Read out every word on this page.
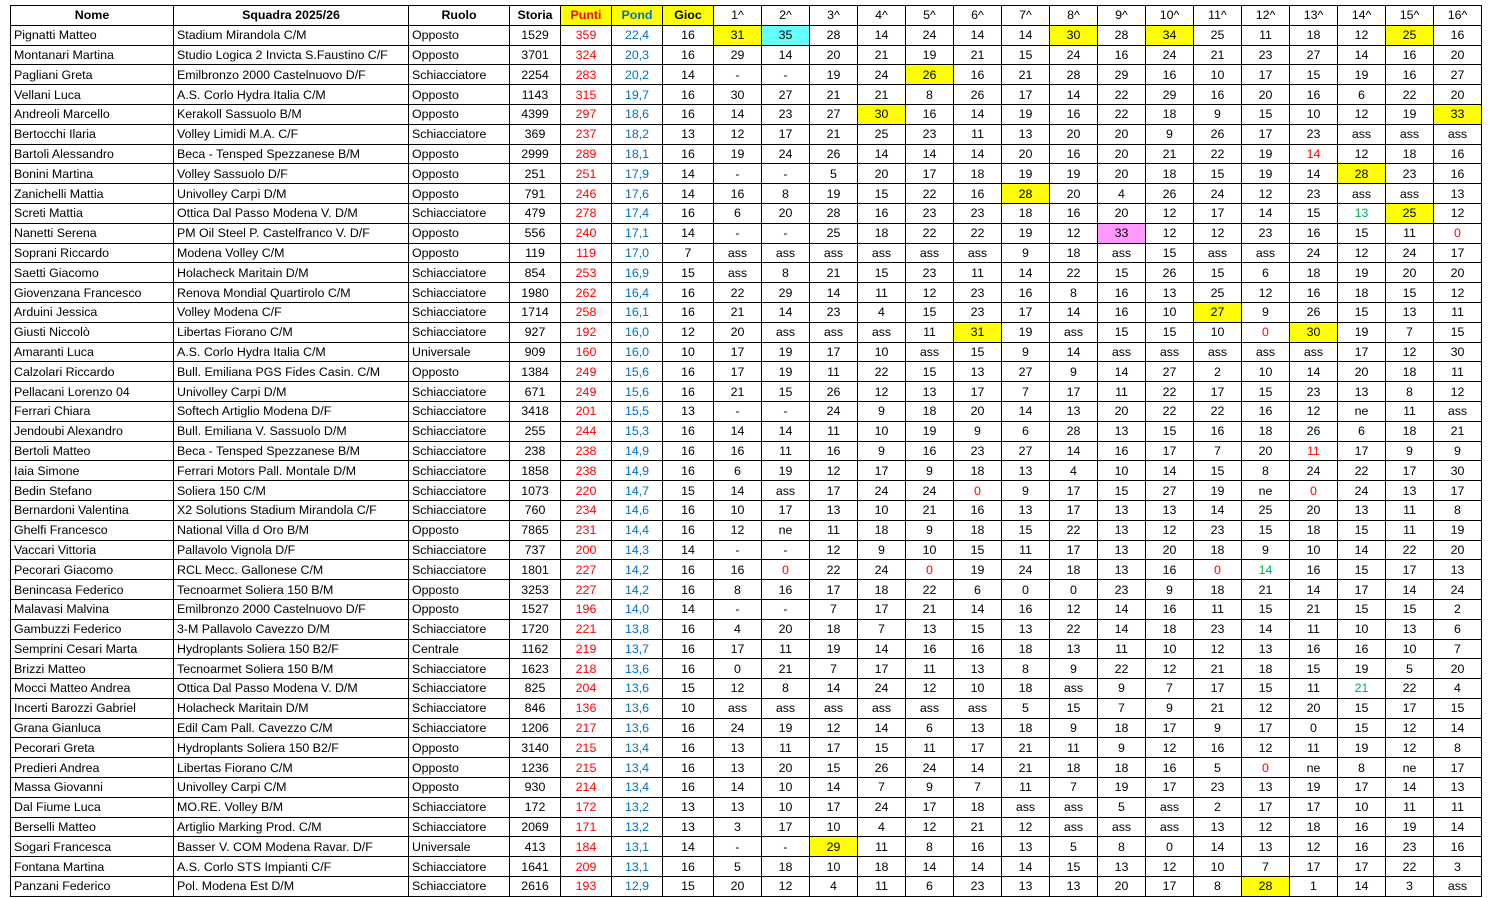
Nome	Squadra 2025/26	Ruolo	Storia	Punti	Pond	Gioc	1^	2^	3^	4^	5^	6^	7^	8^	9^	10^	11^	12^	13^	14^	15^	16^
Pignatti Matteo	Stadium Mirandola C/M	Opposto	1529	359	22,4	16	31	35	28	14	24	14	14	30	28	34	25	11	18	12	25	16
Montanari Martina	Studio Logica 2 Invicta S.Faustino C/F	Opposto	3701	324	20,3	16	29	14	20	21	19	21	15	24	16	24	21	23	27	14	16	20
Pagliani Greta	Emilbronzo 2000 Castelnuovo D/F	Schiacciatore	2254	283	20,2	14	-	-	19	24	26	16	21	28	29	16	10	17	15	19	16	27
Vellani Luca	A.S. Corlo Hydra Italia C/M	Opposto	1143	315	19,7	16	30	27	21	21	8	26	17	14	22	29	16	20	16	6	22	20
Andreoli Marcello	Kerakoll Sassuolo B/M	Opposto	4399	297	18,6	16	14	23	27	30	16	14	19	16	22	18	9	15	10	12	19	33
Bertocchi Ilaria	Volley Limidi M.A. C/F	Schiacciatore	369	237	18,2	13	12	17	21	25	23	11	13	20	20	9	26	17	23	ass	ass	ass
Bartoli Alessandro	Beca - Tensped Spezzanese B/M	Opposto	2999	289	18,1	16	19	24	26	14	14	14	20	16	20	21	22	19	14	12	18	16
Bonini Martina	Volley Sassuolo D/F	Opposto	251	251	17,9	14	-	-	5	20	17	18	19	19	20	18	15	19	14	28	23	16
Zanichelli Mattia	Univolley Carpi D/M	Opposto	791	246	17,6	14	16	8	19	15	22	16	28	20	4	26	24	12	23	ass	ass	13
Screti Mattia	Ottica Dal Passo Modena V. D/M	Schiacciatore	479	278	17,4	16	6	20	28	16	23	23	18	16	20	12	17	14	15	13	25	12
Nanetti Serena	PM Oil Steel P. Castelfranco V. D/F	Opposto	556	240	17,1	14	-	-	25	18	22	22	19	12	33	12	12	23	16	15	11	0
Soprani Riccardo	Modena Volley C/M	Opposto	119	119	17,0	7	ass	ass	ass	ass	ass	ass	9	18	ass	15	ass	ass	24	12	24	17
Saetti Giacomo	Holacheck Maritain D/M	Schiacciatore	854	253	16,9	15	ass	8	21	15	23	11	14	22	15	26	15	6	18	19	20	20
Giovenzana Francesco	Renova Mondial Quartirolo C/M	Schiacciatore	1980	262	16,4	16	22	29	14	11	12	23	16	8	16	13	25	12	16	18	15	12
Arduini Jessica	Volley Modena C/F	Schiacciatore	1714	258	16,1	16	21	14	23	4	15	23	17	14	16	10	27	9	26	15	13	11
Giusti Niccolò	Libertas Fiorano C/M	Schiacciatore	927	192	16,0	12	20	ass	ass	ass	11	31	19	ass	15	15	10	0	30	19	7	15
Amaranti Luca	A.S. Corlo Hydra Italia C/M	Universale	909	160	16,0	10	17	19	17	10	ass	15	9	14	ass	ass	ass	ass	ass	17	12	30
Calzolari Riccardo	Bull. Emiliana PGS Fides Casin. C/M	Opposto	1384	249	15,6	16	17	19	11	22	15	13	27	9	14	27	2	10	14	20	18	11
Pellacani Lorenzo 04	Univolley Carpi D/M	Schiacciatore	671	249	15,6	16	21	15	26	12	13	17	7	17	11	22	17	15	23	13	8	12
Ferrari Chiara	Softech Artiglio Modena D/F	Schiacciatore	3418	201	15,5	13	-	-	24	9	18	20	14	13	20	22	22	16	12	ne	11	ass
Jendoubi Alexandro	Bull. Emiliana V. Sassuolo D/M	Schiacciatore	255	244	15,3	16	14	14	11	10	19	9	6	28	13	15	16	18	26	6	18	21
Bertoli Matteo	Beca - Tensped Spezzanese B/M	Schiacciatore	238	238	14,9	16	16	11	16	9	16	23	27	14	16	17	7	20	11	17	9	9
Iaia Simone	Ferrari Motors Pall. Montale D/M	Schiacciatore	1858	238	14,9	16	6	19	12	17	9	18	13	4	10	14	15	8	24	22	17	30
Bedin Stefano	Soliera 150 C/M	Schiacciatore	1073	220	14,7	15	14	ass	17	24	24	0	9	17	15	27	19	ne	0	24	13	17
Bernardoni Valentina	X2 Solutions Stadium Mirandola C/F	Schiacciatore	760	234	14,6	16	10	17	13	10	21	16	13	17	13	13	14	25	20	13	11	8
Ghelfi Francesco	National Villa d Oro B/M	Opposto	7865	231	14,4	16	12	ne	11	18	9	18	15	22	13	12	23	15	18	15	11	19
Vaccari Vittoria	Pallavolo Vignola D/F	Schiacciatore	737	200	14,3	14	-	-	12	9	10	15	11	17	13	20	18	9	10	14	22	20
Pecorari Giacomo	RCL Mecc. Gallonese C/M	Schiacciatore	1801	227	14,2	16	16	0	22	24	0	19	24	18	13	16	0	14	16	15	17	13
Benincasa Federico	Tecnoarmet Soliera 150 B/M	Opposto	3253	227	14,2	16	8	16	17	18	22	6	0	0	23	9	18	21	14	17	14	24
Malavasi Malvina	Emilbronzo 2000 Castelnuovo D/F	Opposto	1527	196	14,0	14	-	-	7	17	21	14	16	12	14	16	11	15	21	15	15	2
Gambuzzi Federico	3-M Pallavolo Cavezzo D/M	Schiacciatore	1720	221	13,8	16	4	20	18	7	13	15	13	22	14	18	23	14	11	10	13	6
Semprini Cesari Marta	Hydroplants Soliera 150 B2/F	Centrale	1162	219	13,7	16	17	11	19	14	16	16	18	13	11	10	12	13	16	16	10	7
Brizzi Matteo	Tecnoarmet Soliera 150 B/M	Schiacciatore	1623	218	13,6	16	0	21	7	17	11	13	8	9	22	12	21	18	15	19	5	20
Mocci Matteo Andrea	Ottica Dal Passo Modena V. D/M	Schiacciatore	825	204	13,6	15	12	8	14	24	12	10	18	ass	9	7	17	15	11	21	22	4
Incerti Barozzi Gabriel	Holacheck Maritain D/M	Schiacciatore	846	136	13,6	10	ass	ass	ass	ass	ass	ass	5	15	7	9	21	12	20	15	17	15
Grana Gianluca	Edil Cam Pall. Cavezzo C/M	Schiacciatore	1206	217	13,6	16	24	19	12	14	6	13	18	9	18	17	9	17	0	15	12	14
Pecorari Greta	Hydroplants Soliera 150 B2/F	Opposto	3140	215	13,4	16	13	11	17	15	11	17	21	11	9	12	16	12	11	19	12	8
Predieri Andrea	Libertas Fiorano C/M	Opposto	1236	215	13,4	16	13	20	15	26	24	14	21	18	18	16	5	0	ne	8	ne	17
Massa Giovanni	Univolley Carpi C/M	Opposto	930	214	13,4	16	14	10	14	7	9	7	11	7	19	17	23	13	19	17	14	13
Dal Fiume Luca	MO.RE. Volley B/M	Schiacciatore	172	172	13,2	13	13	10	17	24	17	18	ass	ass	5	ass	2	17	17	10	11	11
Berselli Matteo	Artiglio Marking Prod. C/M	Schiacciatore	2069	171	13,2	13	3	17	10	4	12	21	12	ass	ass	ass	13	12	18	16	19	14
Sogari Francesca	Basser V. COM Modena Ravar. D/F	Universale	413	184	13,1	14	-	-	29	11	8	16	13	5	8	0	14	13	12	16	23	16
Fontana Martina	A.S. Corlo STS Impianti C/F	Schiacciatore	1641	209	13,1	16	5	18	10	18	14	14	14	15	13	12	10	7	17	17	22	3
Panzani Federico	Pol. Modena Est D/M	Schiacciatore	2616	193	12,9	15	20	12	4	11	6	23	13	13	20	17	8	28	1	14	3	ass
